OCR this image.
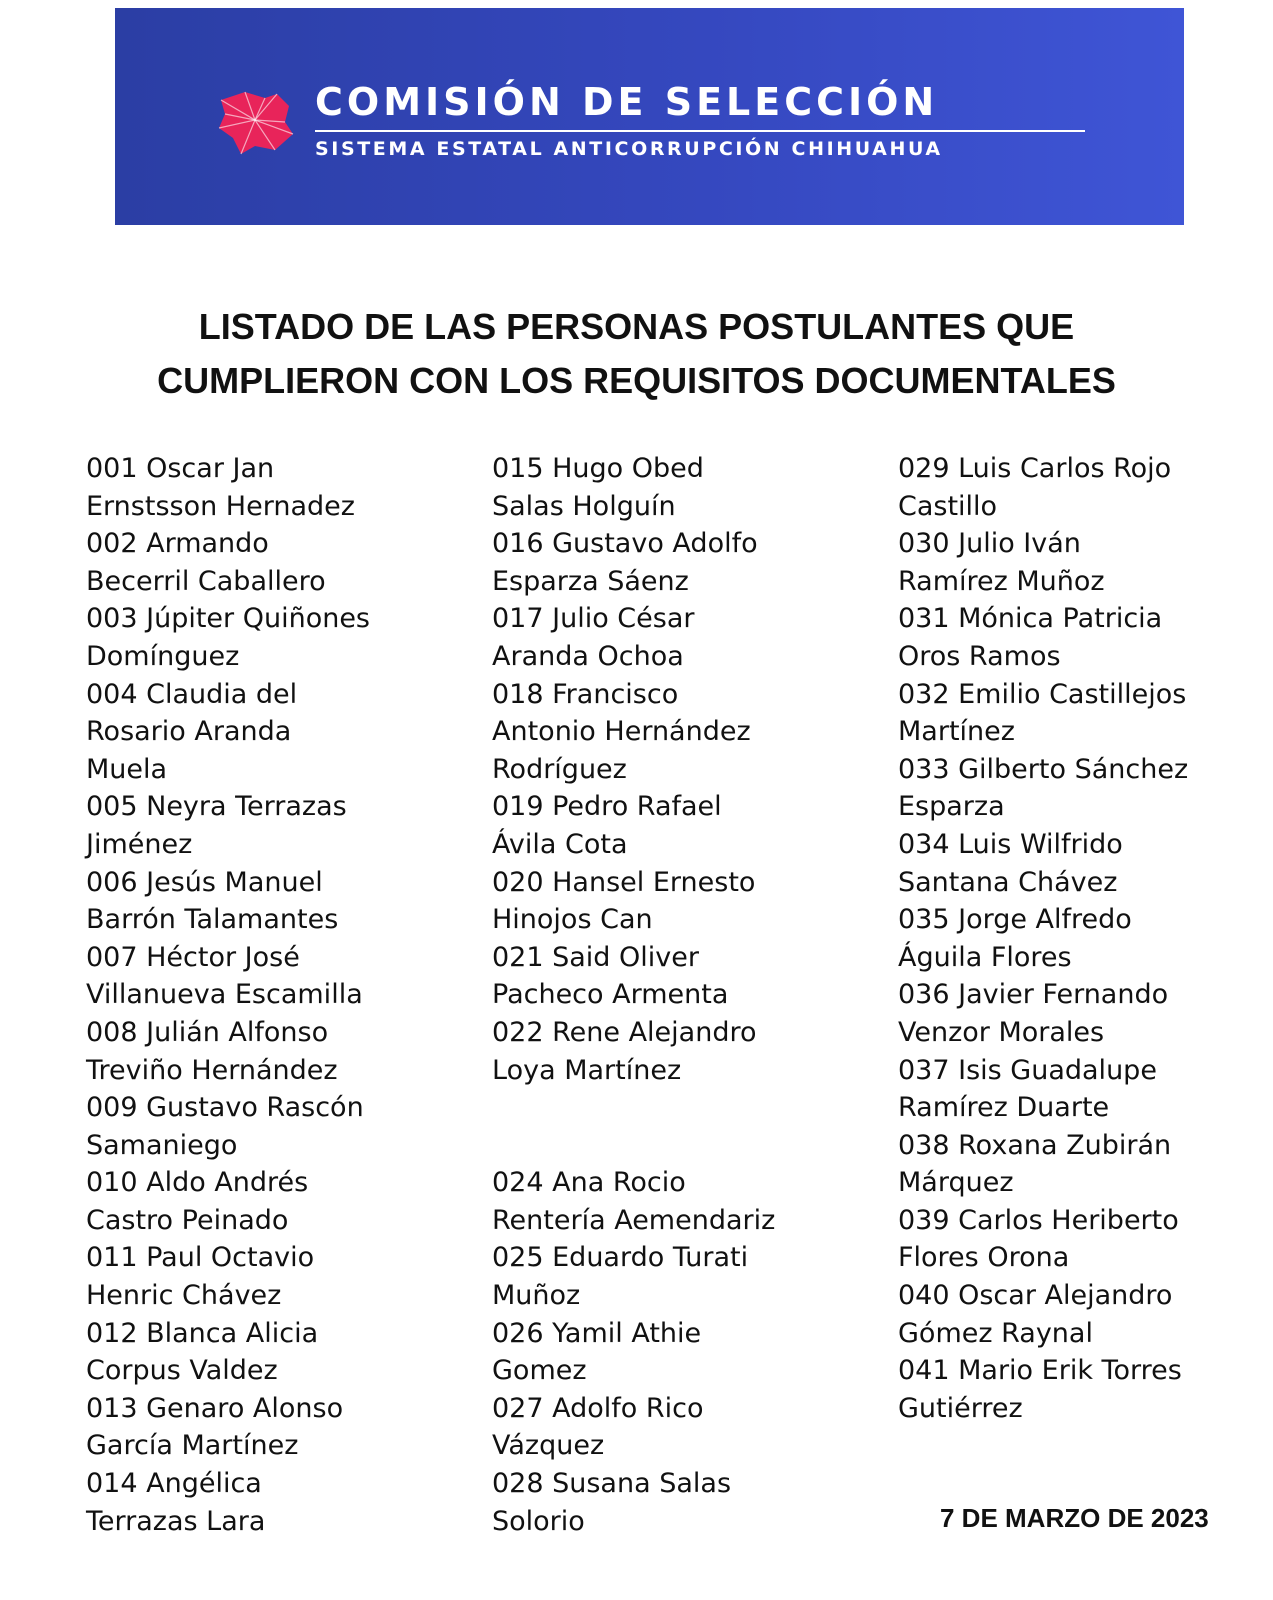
COMISIÓN DE SELECCIÓN
SISTEMA ESTATAL ANTICORRUPCIÓN CHIHUAHUA
LISTADO DE LAS PERSONAS POSTULANTES QUE
CUMPLIERON CON LOS REQUISITOS DOCUMENTALES
001 Oscar Jan
Ernstsson Hernadez
002 Armando
Becerril Caballero
003 Júpiter Quiñones
Domínguez
004 Claudia del
Rosario Aranda
Muela
005 Neyra Terrazas
Jiménez
006 Jesús Manuel
Barrón Talamantes
007 Héctor José
Villanueva Escamilla
008 Julián Alfonso
Treviño Hernández
009 Gustavo Rascón
Samaniego
010 Aldo Andrés
Castro Peinado
011 Paul Octavio
Henric Chávez
012 Blanca Alicia
Corpus Valdez
013 Genaro Alonso
García Martínez
014 Angélica
Terrazas Lara
015 Hugo Obed
Salas Holguín
016 Gustavo Adolfo
Esparza Sáenz
017 Julio César
Aranda Ochoa
018 Francisco
Antonio Hernández
Rodríguez
019 Pedro Rafael
Ávila Cota
020 Hansel Ernesto
Hinojos Can
021 Said Oliver
Pacheco Armenta
022 Rene Alejandro
Loya Martínez
024 Ana Rocio
Rentería Aemendariz
025 Eduardo Turati
Muñoz
026 Yamil Athie
Gomez
027 Adolfo Rico
Vázquez
028 Susana Salas
Solorio
029 Luis Carlos Rojo
Castillo
030 Julio Iván
Ramírez Muñoz
031 Mónica Patricia
Oros Ramos
032 Emilio Castillejos
Martínez
033 Gilberto Sánchez
Esparza
034 Luis Wilfrido
Santana Chávez
035 Jorge Alfredo
Águila Flores
036 Javier Fernando
Venzor Morales
037 Isis Guadalupe
Ramírez Duarte
038 Roxana Zubirán
Márquez
039 Carlos Heriberto
Flores Orona
040 Oscar Alejandro
Gómez Raynal
041 Mario Erik Torres
Gutiérrez
7 DE MARZO DE 2023
